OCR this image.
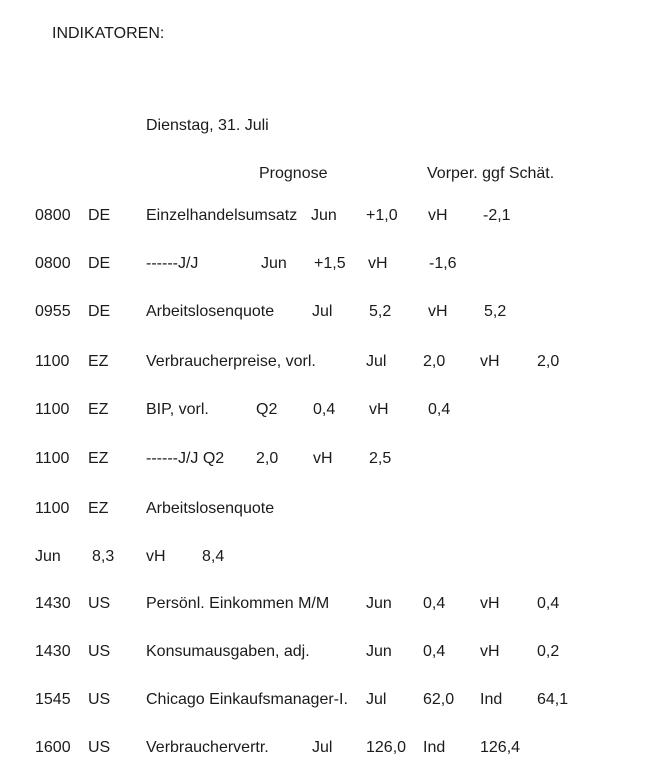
INDIKATOREN:
Dienstag, 31. Juli
Prognose	Vorper. ggf Schät.
0800 DE Einzelhandelsumsatz Jun +1,0 vH -2,1
0800 DE ------J/J	Jun +1,5 vH	-1,6
0955 DE Arbeitslosenquote Jul 5,2 vH 5,2
1100 EZ Verbraucherpreise, vorl.	Jul 2,0 vH 2,0
1100 EZ BIP, vorl.	Q2 0,4 vH 0,4
1100 EZ ------J/J Q2 2,0 vH 2,5
1100 EZ Arbeitslosenquote
Jun 8,3 vH 8,4
1430 US Persönl. Einkommen M/M Jun 0,4 vH 0,4
1430 US Konsumausgaben, adj.	Jun 0,4 vH 0,2
1545 US Chicago Einkaufsmanager-I. Jul 62,0 Ind 64,1
1600 US Verbrauchervertr.	Jul 126,0 Ind 126,4
